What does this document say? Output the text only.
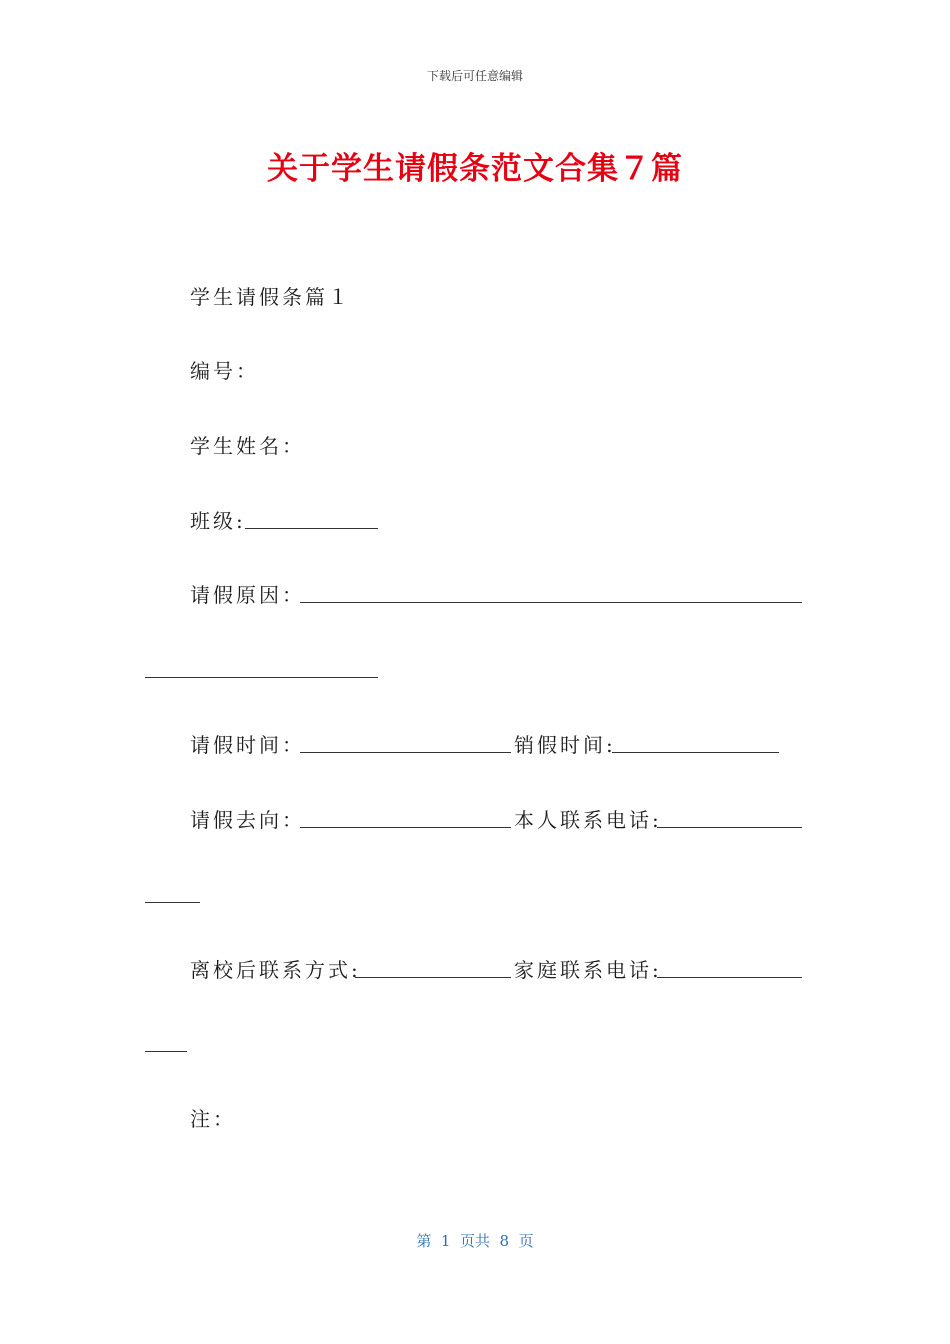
下载后可任意编辑
关于学生请假条范文合集７篇
学生请假条篇１
编号：
学生姓名：
班级:
请假原因：
请假时间：	销假时间:
请假去向：	本人联系电话:
离校后联系方式:	家庭联系电话:
注：
第  1  页共  8  页
